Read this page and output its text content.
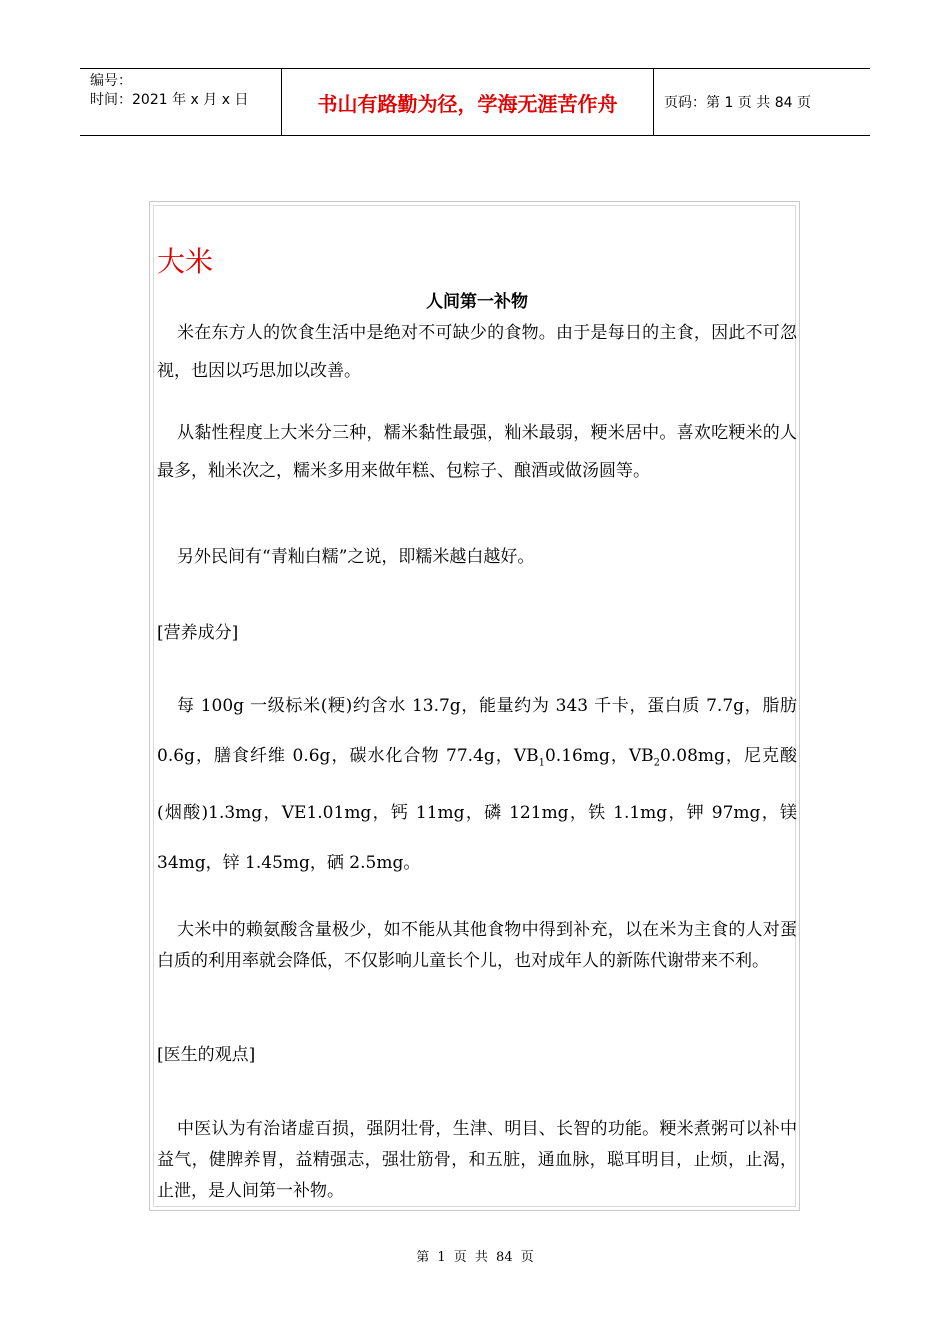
编号：
时间：2021 年 x 月 x 日	书山有路勤为径，学海无涯苦作舟	页码：第 1 页 共 84 页
大米
人间第一补物
米在东方人的饮食生活中是绝对不可缺少的食物。由于是每日的主食，因此不可忽视，也因以巧思加以改善。
从黏性程度上大米分三种，糯米黏性最强，籼米最弱，粳米居中。喜欢吃粳米的人最多，籼米次之，糯米多用来做年糕、包粽子、酿酒或做汤圆等。
另外民间有“青籼白糯”之说，即糯米越白越好。
[营养成分]
每 100g 一级标米(粳)约含水 13.7g，能量约为 343 千卡，蛋白质 7.7g，脂肪 0.6g，膳食纤维 0.6g，碳水化合物 77.4g，$VB_10.16mg$，$VB_20.08mg$，尼克酸(烟酸)1.3mg，VE1.01mg，钙 11mg，磷 121mg，铁 1.1mg，钾 97mg，镁 34mg，锌 1.45mg，硒 2.5mg。
大米中的赖氨酸含量极少，如不能从其他食物中得到补充，以在米为主食的人对蛋白质的利用率就会降低，不仅影响儿童长个儿，也对成年人的新陈代谢带来不利。
[医生的观点]
中医认为有治诸虚百损，强阴壮骨，生津、明目、长智的功能。粳米煮粥可以补中益气，健脾养胃，益精强志，强壮筋骨，和五脏，通血脉，聪耳明目，止烦，止渴，止泄，是人间第一补物。
第 1 页 共 84 页
